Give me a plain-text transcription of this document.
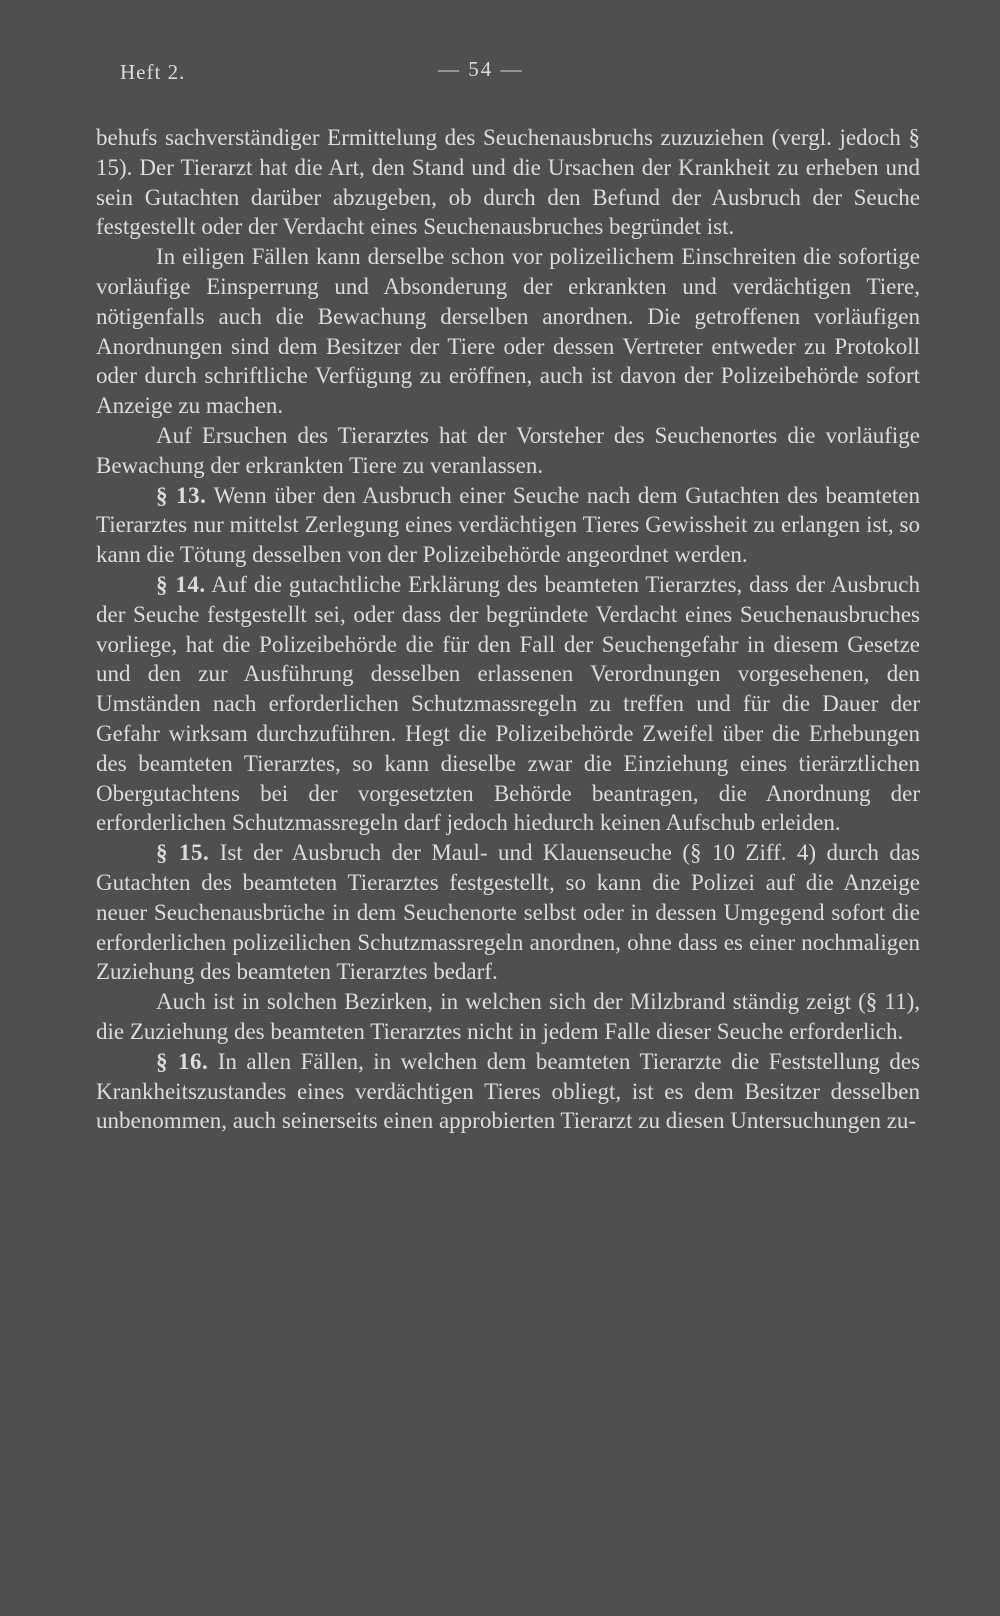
Heft 2.	— 54 —

behufs sachverständiger Ermittelung des Seuchenausbruchs zuzuziehen (vergl. jedoch § 15). Der Tierarzt hat die Art, den Stand und die Ursachen der Krankheit zu erheben und sein Gutachten darüber abzugeben, ob durch den Befund der Ausbruch der Seuche festgestellt oder der Verdacht eines Seuchenausbruches begründet ist.

In eiligen Fällen kann derselbe schon vor polizeilichem Einschreiten die sofortige vorläufige Einsperrung und Absonderung der erkrankten und verdächtigen Tiere, nötigenfalls auch die Bewachung derselben anordnen. Die getroffenen vorläufigen Anordnungen sind dem Besitzer der Tiere oder dessen Vertreter entweder zu Protokoll oder durch schriftliche Verfügung zu eröffnen, auch ist davon der Polizeibehörde sofort Anzeige zu machen.

Auf Ersuchen des Tierarztes hat der Vorsteher des Seuchenortes die vorläufige Bewachung der erkrankten Tiere zu veranlassen.

§ 13. Wenn über den Ausbruch einer Seuche nach dem Gutachten des beamteten Tierarztes nur mittelst Zerlegung eines verdächtigen Tieres Gewissheit zu erlangen ist, so kann die Tötung desselben von der Polizeibehörde angeordnet werden.

§ 14. Auf die gutachtliche Erklärung des beamteten Tierarztes, dass der Ausbruch der Seuche festgestellt sei, oder dass der begründete Verdacht eines Seuchenausbruches vorliege, hat die Polizeibehörde die für den Fall der Seuchengefahr in diesem Gesetze und den zur Ausführung desselben erlassenen Verordnungen vorgesehenen, den Umständen nach erforderlichen Schutzmassregeln zu treffen und für die Dauer der Gefahr wirksam durchzuführen. Hegt die Polizeibehörde Zweifel über die Erhebungen des beamteten Tierarztes, so kann dieselbe zwar die Einziehung eines tierärztlichen Obergutachtens bei der vorgesetzten Behörde beantragen, die Anordnung der erforderlichen Schutzmassregeln darf jedoch hiedurch keinen Aufschub erleiden.

§ 15. Ist der Ausbruch der Maul- und Klauenseuche (§ 10 Ziff. 4) durch das Gutachten des beamteten Tierarztes festgestellt, so kann die Polizei auf die Anzeige neuer Seuchenausbrüche in dem Seuchenorte selbst oder in dessen Umgegend sofort die erforderlichen polizeilichen Schutzmassregeln anordnen, ohne dass es einer nochmaligen Zuziehung des beamteten Tierarztes bedarf.

Auch ist in solchen Bezirken, in welchen sich der Milzbrand ständig zeigt (§ 11), die Zuziehung des beamteten Tierarztes nicht in jedem Falle dieser Seuche erforderlich.

§ 16. In allen Fällen, in welchen dem beamteten Tierarzte die Feststellung des Krankheitszustandes eines verdächtigen Tieres obliegt, ist es dem Besitzer desselben unbenommen, auch seinerseits einen approbierten Tierarzt zu diesen Untersuchungen zu-
